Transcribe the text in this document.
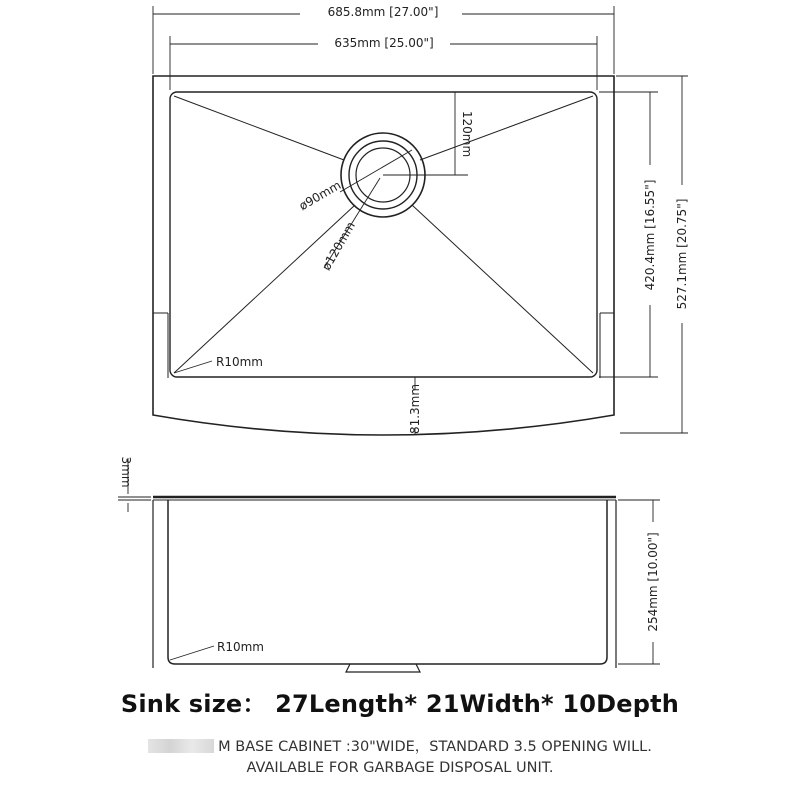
685.8mm [27.00"]
635mm [25.00"]
120mm
ø90mm
ø120mm
R10mm
420.4mm [16.55"] 527.1mm [20.75"]
81.3mm
3mm
254mm [10.00"]
R10mm
Sink size： 27Length* 21Width* 10Depth
M BASE CABINET :30"WIDE，STANDARD 3.5 OPENING WILL.
AVAILABLE FOR GARBAGE DISPOSAL UNIT.
